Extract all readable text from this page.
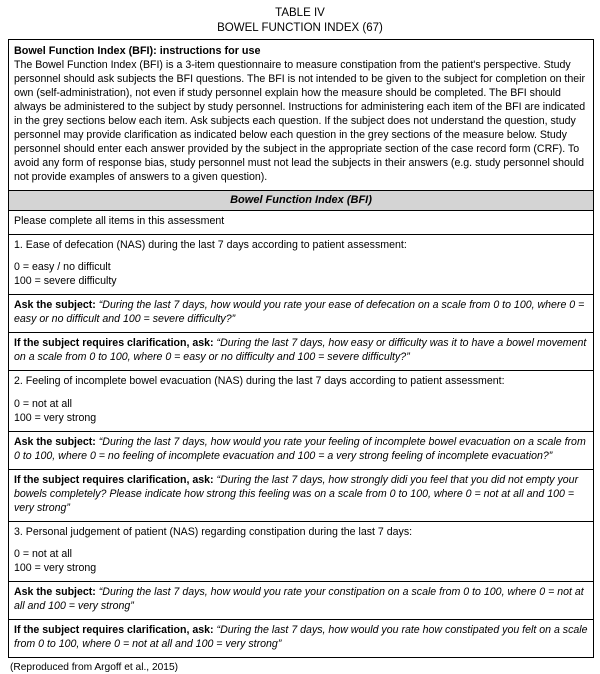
TABLE IV
BOWEL FUNCTION INDEX (67)
Bowel Function Index (BFI): instructions for use
The Bowel Function Index (BFI) is a 3-item questionnaire to measure constipation from the patient's perspective. Study personnel should ask subjects the BFI questions. The BFI is not intended to be given to the subject for completion on their own (self-administration), not even if study personnel explain how the measure should be completed. The BFI should always be administered to the subject by study personnel. Instructions for administering each item of the BFI are indicated in the grey sections below each item. Ask subjects each question. If the subject does not understand the question, study personnel may provide clarification as indicated below each question in the grey sections of the measure below. Study personnel should enter each answer provided by the subject in the appropriate section of the case record form (CRF). To avoid any form of response bias, study personnel must not lead the subjects in their answers (e.g. study personnel should not provide examples of answers to a given question).
Bowel Function Index (BFI)
Please complete all items in this assessment
1. Ease of defecation (NAS) during the last 7 days according to patient assessment:
0 = easy / no difficult
100 = severe difficulty
Ask the subject: “During the last 7 days, how would you rate your ease of defecation on a scale from 0 to 100, where 0 = easy or no difficult and 100 = severe difficulty?”
If the subject requires clarification, ask: “During the last 7 days, how easy or difficulty was it to have a bowel movement on a scale from 0 to 100, where 0 = easy or no difficulty and 100 = severe difficulty?”
2. Feeling of incomplete bowel evacuation (NAS) during the last 7 days according to patient assessment:
0 = not at all
100 = very strong
Ask the subject: “During the last 7 days, how would you rate your feeling of incomplete bowel evacuation on a scale from 0 to 100, where 0 = no feeling of incomplete evacuation and 100 = a very strong feeling of incomplete evacuation?”
If the subject requires clarification, ask: “During the last 7 days, how strongly didi you feel that you did not empty your bowels completely? Please indicate how strong this feeling was on a scale from 0 to 100, where 0 = not at all and 100 = very strong”
3. Personal judgement of patient (NAS) regarding constipation during the last 7 days:
0 = not at all
100 = very strong
Ask the subject: “During the last 7 days, how would you rate your constipation on a scale from 0 to 100, where 0 = not at all and 100 = very strong”
If the subject requires clarification, ask: “During the last 7 days, how would you rate how constipated you felt on a scale from 0 to 100, where 0 = not at all and 100 = very strong”
(Reproduced from Argoff et al., 2015)
